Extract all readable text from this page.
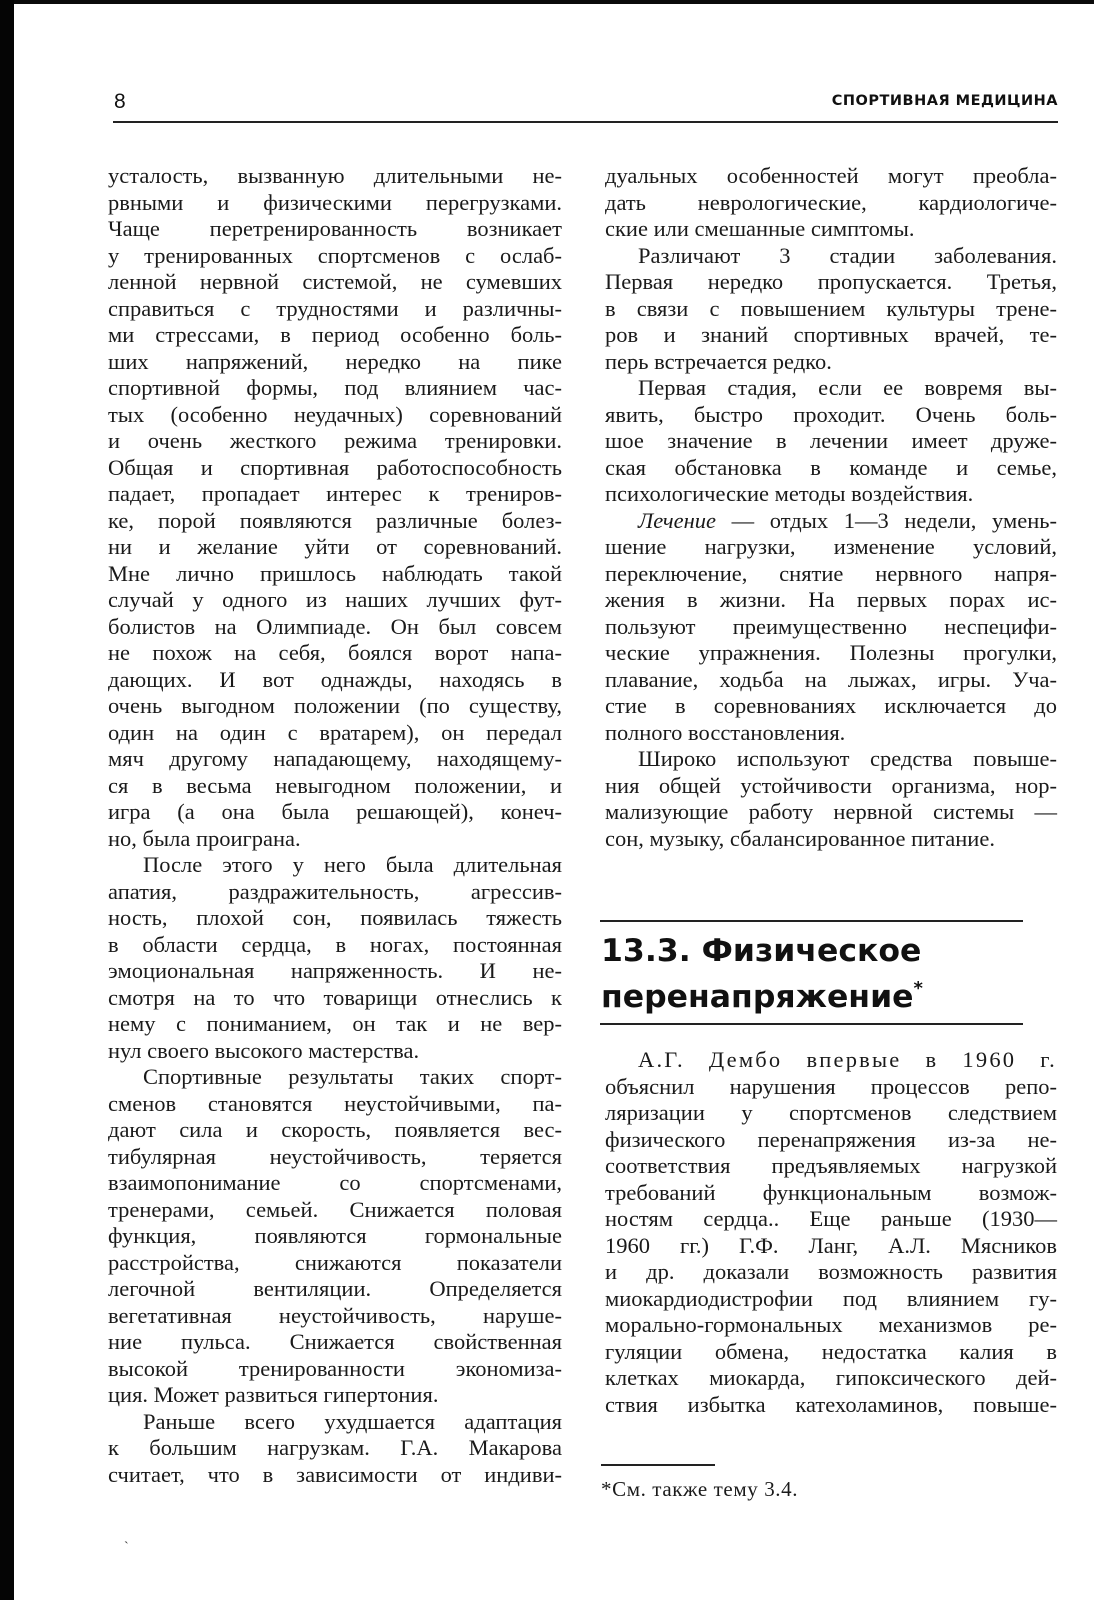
8	СПОРТИВНАЯ МЕДИЦИНА
усталость, вызванную длительными не-
рвными и физическими перегрузками.
Чаще перетренированность возникает
у тренированных спортсменов с ослаб-
ленной нервной системой, не сумевших
справиться с трудностями и различны-
ми стрессами, в период особенно боль-
ших напряжений, нередко на пике
спортивной формы, под влиянием час-
тых (особенно неудачных) соревнований
и очень жесткого режима тренировки.
Общая и спортивная работоспособность
падает, пропадает интерес к трениров-
ке, порой появляются различные болез-
ни и желание уйти от соревнований.
Мне лично пришлось наблюдать такой
случай у одного из наших лучших фут-
болистов на Олимпиаде. Он был совсем
не похож на себя, боялся ворот напа-
дающих. И вот однажды, находясь в
очень выгодном положении (по существу,
один на один с вратарем), он передал
мяч другому нападающему, находящему-
ся в весьма невыгодном положении, и
игра (а она была решающей), конеч-
но, была проиграна.
После этого у него была длительная
апатия, раздражительность, агрессив-
ность, плохой сон, появилась тяжесть
в области сердца, в ногах, постоянная
эмоциональная напряженность. И не-
смотря на то что товарищи отнеслись к
нему с пониманием, он так и не вер-
нул своего высокого мастерства.
Спортивные результаты таких спорт-
сменов становятся неустойчивыми, па-
дают сила и скорость, появляется вес-
тибулярная неустойчивость, теряется
взаимопонимание со спортсменами,
тренерами, семьей. Снижается половая
функция, появляются гормональные
расстройства, снижаются показатели
легочной вентиляции. Определяется
вегетативная неустойчивость, наруше-
ние пульса. Снижается свойственная
высокой тренированности экономиза-
ция. Может развиться гипертония.
Раньше всего ухудшается адаптация
к большим нагрузкам. Г.А. Макарова
считает, что в зависимости от индиви-
дуальных особенностей могут преобла-
дать неврологические, кардиологиче-
ские или смешанные симптомы.
Различают 3 стадии заболевания.
Первая нередко пропускается. Третья,
в связи с повышением культуры трене-
ров и знаний спортивных врачей, те-
перь встречается редко.
Первая стадия, если ее вовремя вы-
явить, быстро проходит. Очень боль-
шое значение в лечении имеет друже-
ская обстановка в команде и семье,
психологические методы воздействия.
Лечение — отдых 1—3 недели, умень-
шение нагрузки, изменение условий,
переключение, снятие нервного напря-
жения в жизни. На первых порах ис-
пользуют преимущественно неспецифи-
ческие упражнения. Полезны прогулки,
плавание, ходьба на лыжах, игры. Уча-
стие в соревнованиях исключается до
полного восстановления.
Широко используют средства повыше-
ния общей устойчивости организма, нор-
мализующие работу нервной системы —
сон, музыку, сбалансированное питание.
13.3. Физическое
перенапряжение*
А.Г. Дембо впервые в 1960 г.
объяснил нарушения процессов репо-
ляризации у спортсменов следствием
физического перенапряжения из-за не-
соответствия предъявляемых нагрузкой
требований функциональным возмож-
ностям сердца.. Еще раньше (1930—
1960 гг.) Г.Ф. Ланг, А.Л. Мясников
и др. доказали возможность развития
миокардиодистрофии под влиянием гу-
морально-гормональных механизмов ре-
гуляции обмена, недостатка калия в
клетках миокарда, гипоксического дей-
ствия избытка катехоламинов, повыше-
*См. также тему 3.4.
`
